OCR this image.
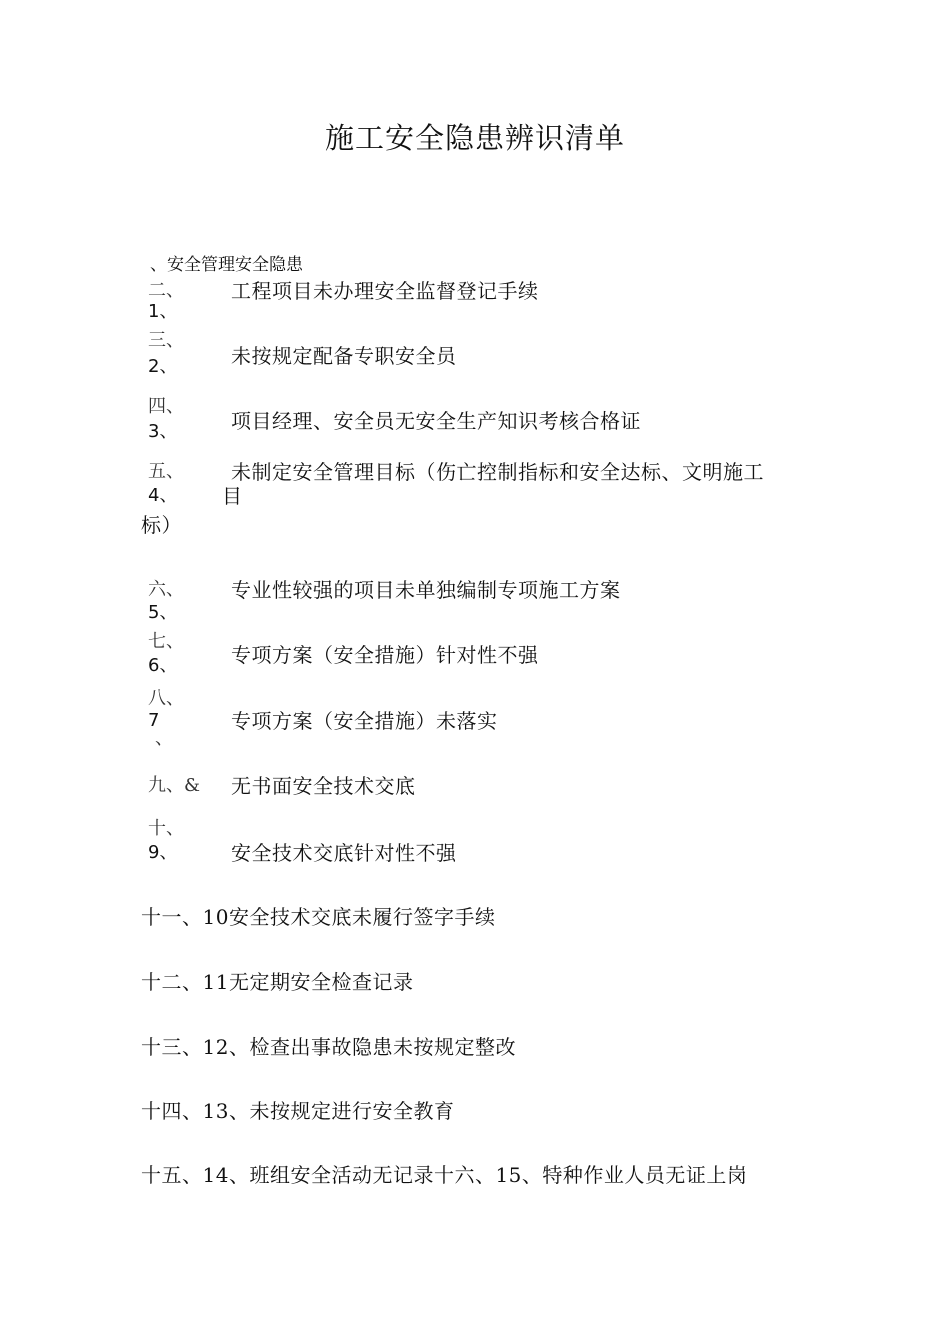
施工安全隐患辨识清单
、安全管理安全隐患
二、 工程项目未办理安全监督登记手续
1、
三、
未按规定配备专职安全员
2、
四、
项目经理、安全员无安全生产知识考核合格证
3、
五、 未制定安全管理目标（伤亡控制指标和安全达标、文明施工
4、 目
标）
六、 专业性较强的项目未单独编制专项施工方案
5、
七、
专项方案（安全措施）针对性不强
6、
八、
7	专项方案（安全措施）未落实
、
九、& 无书面安全技术交底
十、
安全技术交底针对性不强
9、
十一、10安全技术交底未履行签字手续
十二、11无定期安全检查记录
十三、12、检查出事故隐患未按规定整改
十四、13、未按规定进行安全教育
十五、14、班组安全活动无记录十六、15、特种作业人员无证上岗
